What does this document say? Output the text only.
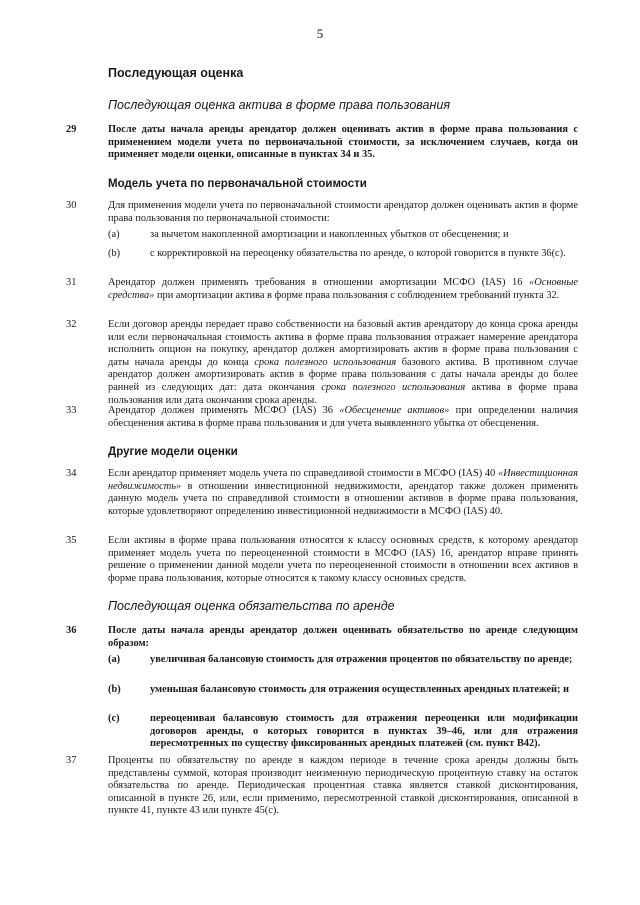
5
Последующая оценка
Последующая оценка актива в форме права пользования
29	После даты начала аренды арендатор должен оценивать актив в форме права пользования с применением модели учета по первоначальной стоимости, за исключением случаев, когда он применяет модели оценки, описанные в пунктах 34 и 35.
Модель учета по первоначальной стоимости
30	Для применения модели учета по первоначальной стоимости арендатор должен оценивать актив в форме права пользования по первоначальной стоимости:
(a)	за вычетом накопленной амортизации и накопленных убытков от обесценения; и
(b)	с корректировкой на переоценку обязательства по аренде, о которой говорится в пункте 36(c).
31	Арендатор должен применять требования в отношении амортизации МСФО (IAS) 16 «Основные средства» при амортизации актива в форме права пользования с соблюдением требований пункта 32.
32	Если договор аренды передает право собственности на базовый актив арендатору до конца срока аренды или если первоначальная стоимость актива в форме права пользования отражает намерение арендатора исполнить опцион на покупку, арендатор должен амортизировать актив в форме права пользования с даты начала аренды до конца срока полезного использования базового актива. В противном случае арендатор должен амортизировать актив в форме права пользования с даты начала аренды до более ранней из следующих дат: дата окончания срока полезного использования актива в форме права пользования или дата окончания срока аренды.
33	Арендатор должен применять МСФО (IAS) 36 «Обесценение активов» при определении наличия обесценения актива в форме права пользования и для учета выявленного убытка от обесценения.
Другие модели оценки
34	Если арендатор применяет модель учета по справедливой стоимости в МСФО (IAS) 40 «Инвестиционная недвижимость» в отношении инвестиционной недвижимости, арендатор также должен применять данную модель учета по справедливой стоимости в отношении активов в форме права пользования, которые удовлетворяют определению инвестиционной недвижимости в МСФО (IAS) 40.
35	Если активы в форме права пользования относятся к классу основных средств, к которому арендатор применяет модель учета по переоцененной стоимости в МСФО (IAS) 16, арендатор вправе принять решение о применении данной модели учета по переоцененной стоимости в отношении всех активов в форме права пользования, которые относятся к такому классу основных средств.
Последующая оценка обязательства по аренде
36	После даты начала аренды арендатор должен оценивать обязательство по аренде следующим образом:
(a)	увеличивая балансовую стоимость для отражения процентов по обязательству по аренде;
(b)	уменьшая балансовую стоимость для отражения осуществленных арендных платежей; и
(c)	переоценивая балансовую стоимость для отражения переоценки или модификации договоров аренды, о которых говорится в пунктах 39–46, или для отражения пересмотренных по существу фиксированных арендных платежей (см. пункт B42).
37	Проценты по обязательству по аренде в каждом периоде в течение срока аренды должны быть представлены суммой, которая производит неизменную периодическую процентную ставку на остаток обязательства по аренде. Периодическая процентная ставка является ставкой дисконтирования, описанной в пункте 26, или, если применимо, пересмотренной ставкой дисконтирования, описанной в пункте 41, пункте 43 или пункте 45(c).
